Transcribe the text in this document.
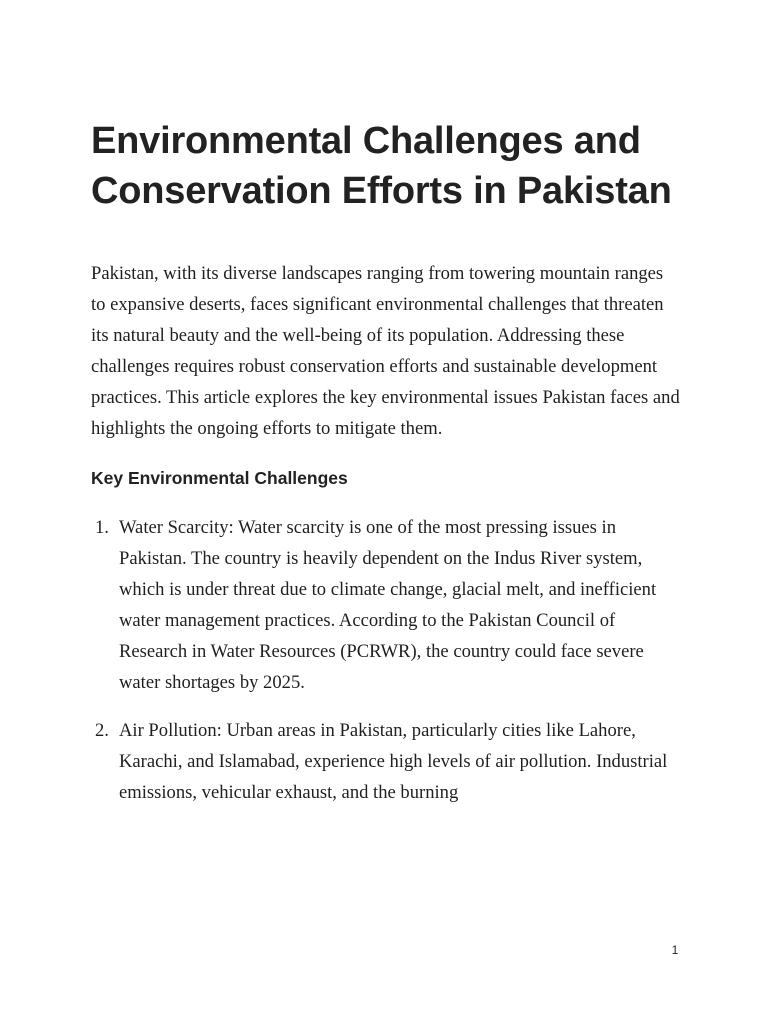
Environmental Challenges and Conservation Efforts in Pakistan

Pakistan, with its diverse landscapes ranging from towering mountain ranges to expansive deserts, faces significant environmental challenges that threaten its natural beauty and the well-being of its population. Addressing these challenges requires robust conservation efforts and sustainable development practices. This article explores the key environmental issues Pakistan faces and highlights the ongoing efforts to mitigate them.

Key Environmental Challenges
1. Water Scarcity: Water scarcity is one of the most pressing issues in Pakistan. The country is heavily dependent on the Indus River system, which is under threat due to climate change, glacial melt, and inefficient water management practices. According to the Pakistan Council of Research in Water Resources (PCRWR), the country could face severe water shortages by 2025.
2. Air Pollution: Urban areas in Pakistan, particularly cities like Lahore, Karachi, and Islamabad, experience high levels of air pollution. Industrial emissions, vehicular exhaust, and the burning
1
